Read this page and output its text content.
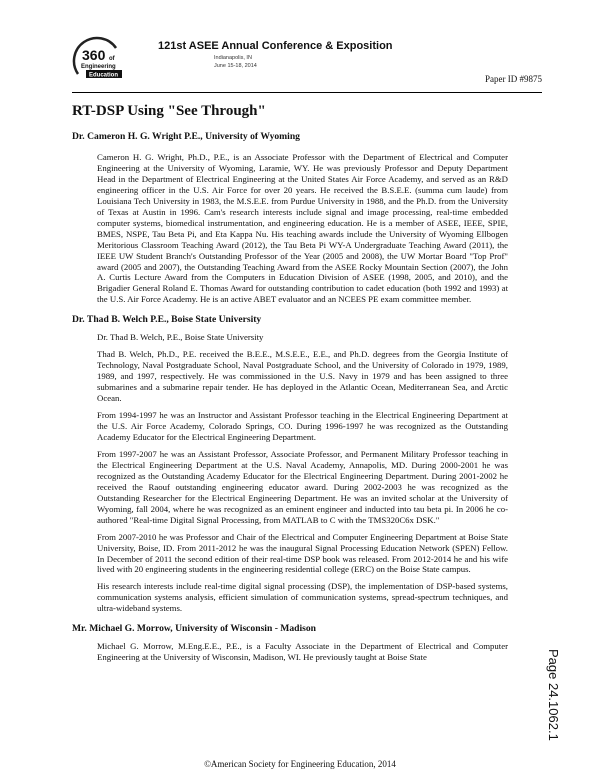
360 of
Engineering
Education
121st ASEE Annual Conference & Exposition
Indianapolis, IN
June 15-18, 2014
Paper ID #9875
RT-DSP Using "See Through"

Dr. Cameron H. G. Wright P.E., University of Wyoming

Cameron H. G. Wright, Ph.D., P.E., is an Associate Professor with the Department of Electrical and Computer Engineering at the University of Wyoming, Laramie, WY. He was previously Professor and Deputy Department Head in the Department of Electrical Engineering at the United States Air Force Academy, and served as an R&D engineering officer in the U.S. Air Force for over 20 years. He received the B.S.E.E. (summa cum laude) from Louisiana Tech University in 1983, the M.S.E.E. from Purdue University in 1988, and the Ph.D. from the University of Texas at Austin in 1996. Cam's research interests include signal and image processing, real-time embedded computer systems, biomedical instrumentation, and engineering education. He is a member of ASEE, IEEE, SPIE, BMES, NSPE, Tau Beta Pi, and Eta Kappa Nu. His teaching awards include the University of Wyoming Ellbogen Meritorious Classroom Teaching Award (2012), the Tau Beta Pi WY-A Undergraduate Teaching Award (2011), the IEEE UW Student Branch's Outstanding Professor of the Year (2005 and 2008), the UW Mortar Board "Top Prof" award (2005 and 2007), the Outstanding Teaching Award from the ASEE Rocky Mountain Section (2007), the John A. Curtis Lecture Award from the Computers in Education Division of ASEE (1998, 2005, and 2010), and the Brigadier General Roland E. Thomas Award for outstanding contribution to cadet education (both 1992 and 1993) at the U.S. Air Force Academy. He is an active ABET evaluator and an NCEES PE exam committee member.

Dr. Thad B. Welch P.E., Boise State University

Dr. Thad B. Welch, P.E., Boise State University

Thad B. Welch, Ph.D., P.E. received the B.E.E., M.S.E.E., E.E., and Ph.D. degrees from the Georgia Institute of Technology, Naval Postgraduate School, Naval Postgraduate School, and the University of Colorado in 1979, 1989, 1989, and 1997, respectively. He was commissioned in the U.S. Navy in 1979 and has been assigned to three submarines and a submarine repair tender. He has deployed in the Atlantic Ocean, Mediterranean Sea, and Arctic Ocean.

From 1994-1997 he was an Instructor and Assistant Professor teaching in the Electrical Engineering Department at the U.S. Air Force Academy, Colorado Springs, CO. During 1996-1997 he was recognized as the Outstanding Academy Educator for the Electrical Engineering Department.

From 1997-2007 he was an Assistant Professor, Associate Professor, and Permanent Military Professor teaching in the Electrical Engineering Department at the U.S. Naval Academy, Annapolis, MD. During 2000-2001 he was recognized as the Outstanding Academy Educator for the Electrical Engineering Department. During 2001-2002 he received the Raouf outstanding engineering educator award. During 2002-2003 he was recognized as the Outstanding Researcher for the Electrical Engineering Department. He was an invited scholar at the University of Wyoming, fall 2004, where he was recognized as an eminent engineer and inducted into tau beta pi. In 2006 he co-authored "Real-time Digital Signal Processing, from MATLAB to C with the TMS320C6x DSK."

From 2007-2010 he was Professor and Chair of the Electrical and Computer Engineering Department at Boise State University, Boise, ID. From 2011-2012 he was the inaugural Signal Processing Education Network (SPEN) Fellow. In December of 2011 the second edition of their real-time DSP book was released. From 2012-2014 he and his wife lived with 20 engineering students in the engineering residential college (ERC) on the Boise State campus.

His research interests include real-time digital signal processing (DSP), the implementation of DSP-based systems, communication systems analysis, efficient simulation of communication systems, spread-spectrum techniques, and ultra-wideband systems.

Mr. Michael G. Morrow, University of Wisconsin - Madison

Michael G. Morrow, M.Eng.E.E., P.E., is a Faculty Associate in the Department of Electrical and Computer Engineering at the University of Wisconsin, Madison, WI. He previously taught at Boise State

©American Society for Engineering Education, 2014
Page 24.1062.1
